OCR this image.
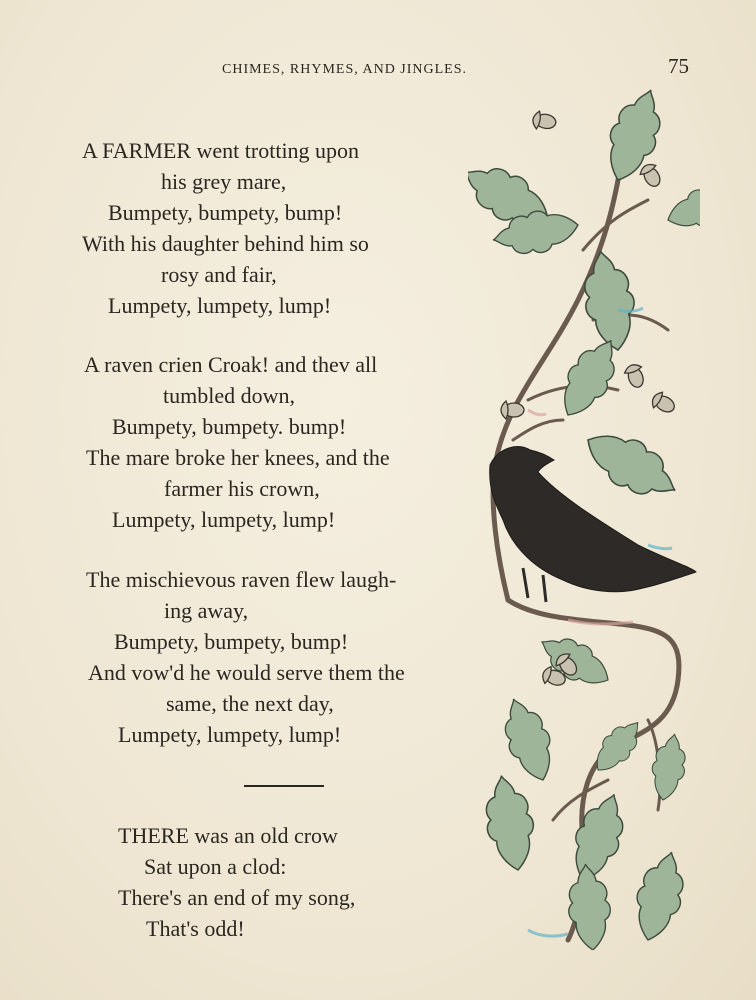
CHIMES, RHYMES, AND JINGLES.	75
A FARMER went trotting upon
his grey mare,
Bumpety, bumpety, bump!
With his daughter behind him so
rosy and fair,
Lumpety, lumpety, lump!
A raven crien Croak! and thev all
tumbled down,
Bumpety, bumpety. bump!
The mare broke her knees, and the
farmer his crown,
Lumpety, lumpety, lump!
The mischievous raven flew laugh-
ing away,
Bumpety, bumpety, bump!
And vow'd he would serve them the
same, the next day,
Lumpety, lumpety, lump!
THERE was an old crow
Sat upon a clod:
There's an end of my song,
That's odd!
